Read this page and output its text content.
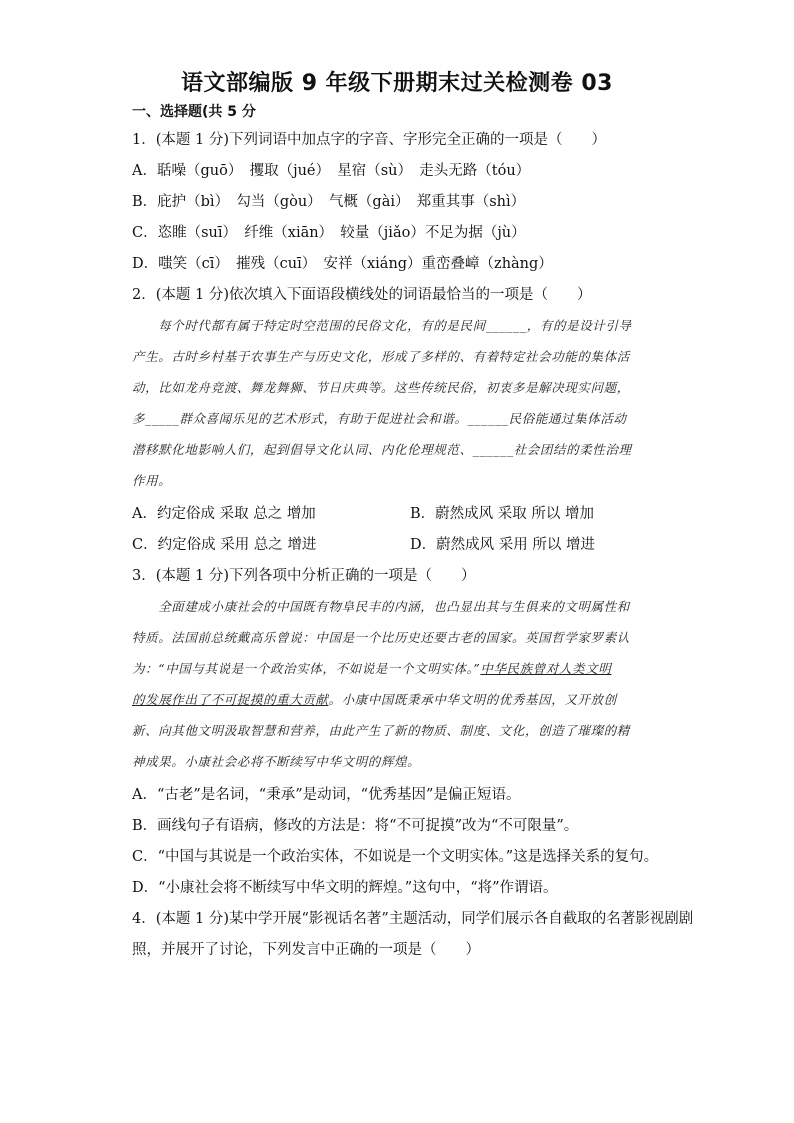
语文部编版 9 年级下册期末过关检测卷 03
一、选择题(共 5 分
1．(本题 1 分)下列词语中加点字的字音、字形完全正确的一项是（　　）
A．聒噪（guō）　攫取（jué）　星宿（sù）　走头无路（tóu）
B．庇护（bì）　勾当（gòu）　气概（gài）　郑重其事（shì）
C．恣睢（suī）　纤维（xiān）　较量（jiǎo）不足为据（jù）
D．嗤笑（cī）　摧残（cuī）　安祥（xiáng）重峦叠嶂（zhàng）
2．(本题 1 分)依次填入下面语段横线处的词语最恰当的一项是（　　）
　　每个时代都有属于特定时空范围的民俗文化，有的是民间______，有的是设计引导
产生。古时乡村基于农事生产与历史文化，形成了多样的、有着特定社会功能的集体活
动，比如龙舟竞渡、舞龙舞狮、节日庆典等。这些传统民俗，初衷多是解决现实问题，
多_____群众喜闻乐见的艺术形式，有助于促进社会和谐。______民俗能通过集体活动
潜移默化地影响人们，起到倡导文化认同、内化伦理规范、______社会团结的柔性治理
作用。
A．约定俗成 采取 总之 增加	B．蔚然成风 采取 所以 增加
C．约定俗成 采用 总之 增进	D．蔚然成风 采用 所以 增进
3．(本题 1 分)下列各项中分析正确的一项是（　　）
　　全面建成小康社会的中国既有物阜民丰的内涵，也凸显出其与生俱来的文明属性和
特质。法国前总统戴高乐曾说：中国是一个比历史还要古老的国家。英国哲学家罗素认
为：“中国与其说是一个政治实体，不如说是一个文明实体。”中华民族曾对人类文明
的发展作出了不可捉摸的重大贡献。小康中国既秉承中华文明的优秀基因，又开放创
新、向其他文明汲取智慧和营养，由此产生了新的物质、制度、文化，创造了璀璨的精
神成果。小康社会必将不断续写中华文明的辉煌。
A．“古老”是名词，“秉承”是动词，“优秀基因”是偏正短语。
B．画线句子有语病，修改的方法是：将“不可捉摸”改为“不可限量”。
C．“中国与其说是一个政治实体，不如说是一个文明实体。”这是选择关系的复句。
D．“小康社会将不断续写中华文明的辉煌。”这句中，“将”作谓语。
4．(本题 1 分)某中学开展“影视话名著”主题活动，同学们展示各自截取的名著影视剧剧
照，并展开了讨论，下列发言中正确的一项是（　　）
